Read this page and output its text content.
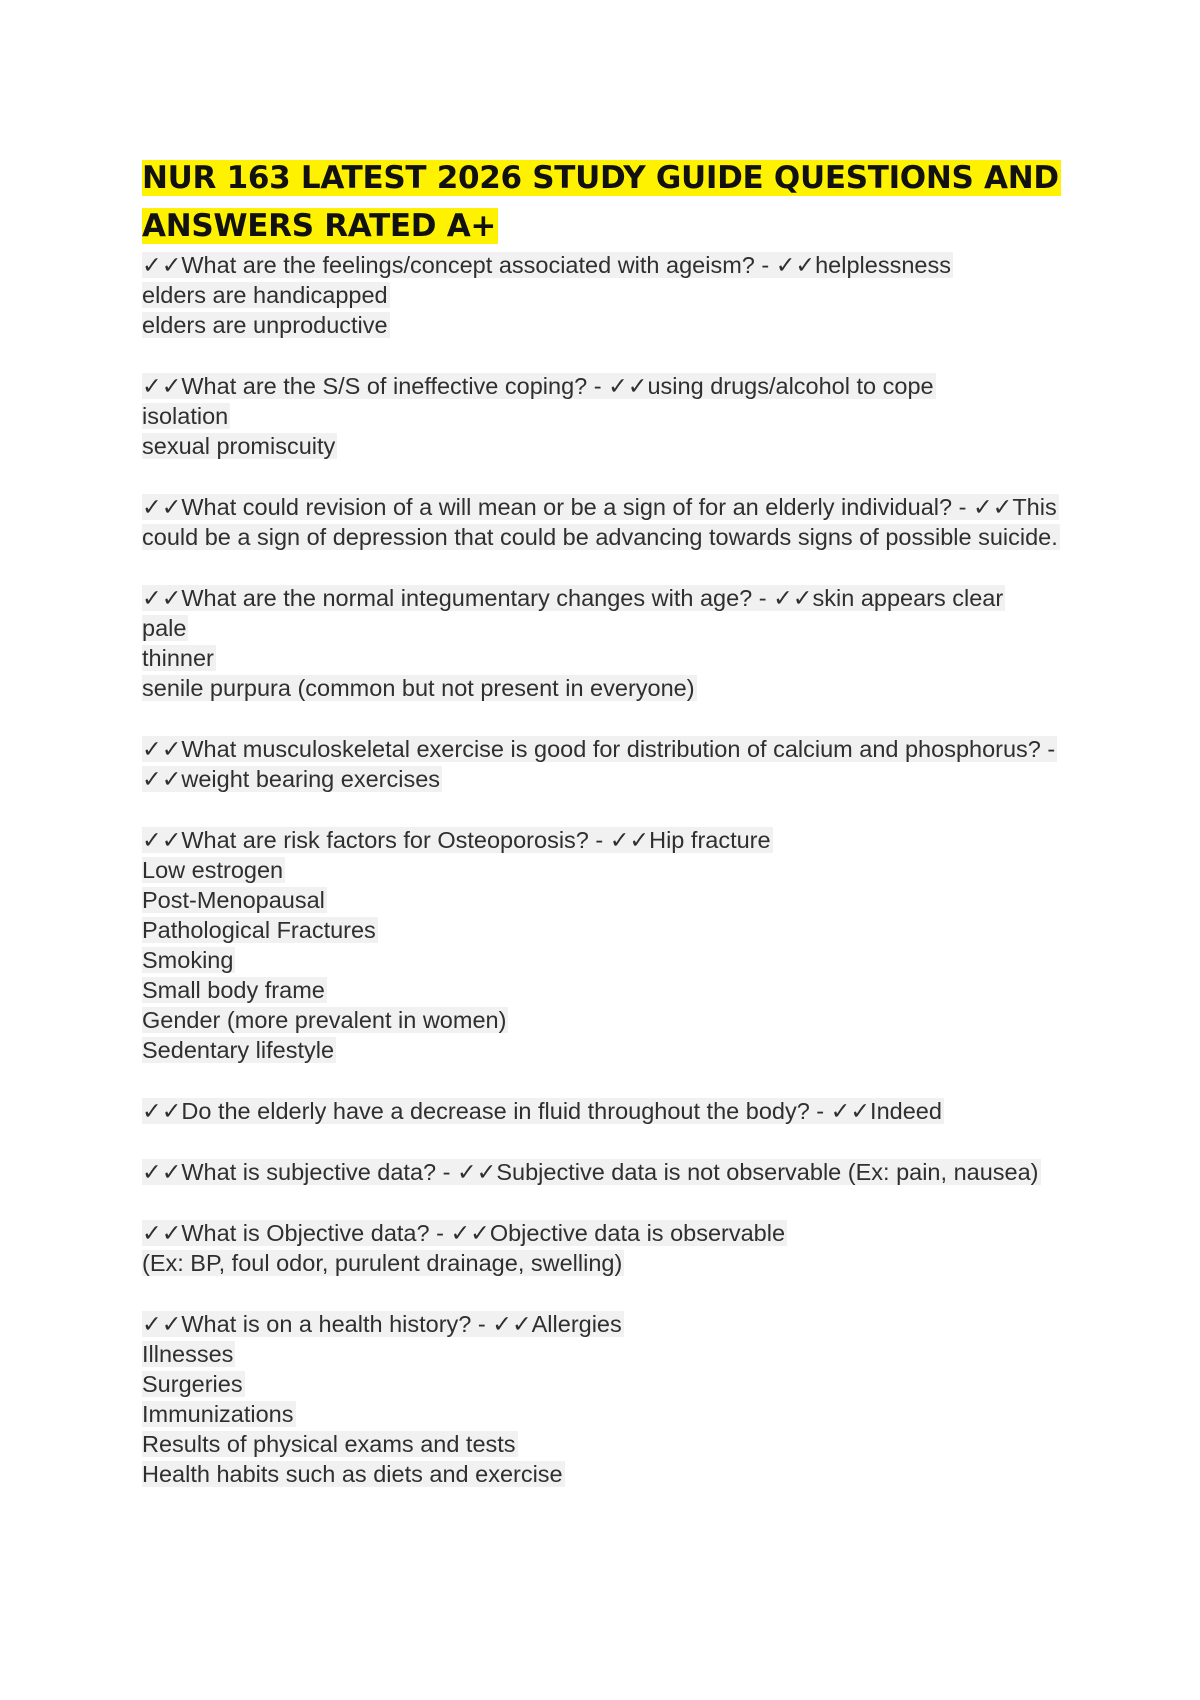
NUR 163 LATEST 2026 STUDY GUIDE QUESTIONS AND
ANSWERS RATED A+
✓✓What are the feelings/concept associated with ageism? - ✓✓helplessness
elders are handicapped
elders are unproductive
✓✓What are the S/S of ineffective coping? - ✓✓using drugs/alcohol to cope
isolation
sexual promiscuity
✓✓What could revision of a will mean or be a sign of for an elderly individual? - ✓✓This
could be a sign of depression that could be advancing towards signs of possible suicide.
✓✓What are the normal integumentary changes with age? - ✓✓skin appears clear
pale
thinner
senile purpura (common but not present in everyone)
✓✓What musculoskeletal exercise is good for distribution of calcium and phosphorus? -
✓✓weight bearing exercises
✓✓What are risk factors for Osteoporosis? - ✓✓Hip fracture
Low estrogen
Post-Menopausal
Pathological Fractures
Smoking
Small body frame
Gender (more prevalent in women)
Sedentary lifestyle
✓✓Do the elderly have a decrease in fluid throughout the body? - ✓✓Indeed
✓✓What is subjective data? - ✓✓Subjective data is not observable (Ex: pain, nausea)
✓✓What is Objective data? - ✓✓Objective data is observable
(Ex: BP, foul odor, purulent drainage, swelling)
✓✓What is on a health history? - ✓✓Allergies
Illnesses
Surgeries
Immunizations
Results of physical exams and tests
Health habits such as diets and exercise
